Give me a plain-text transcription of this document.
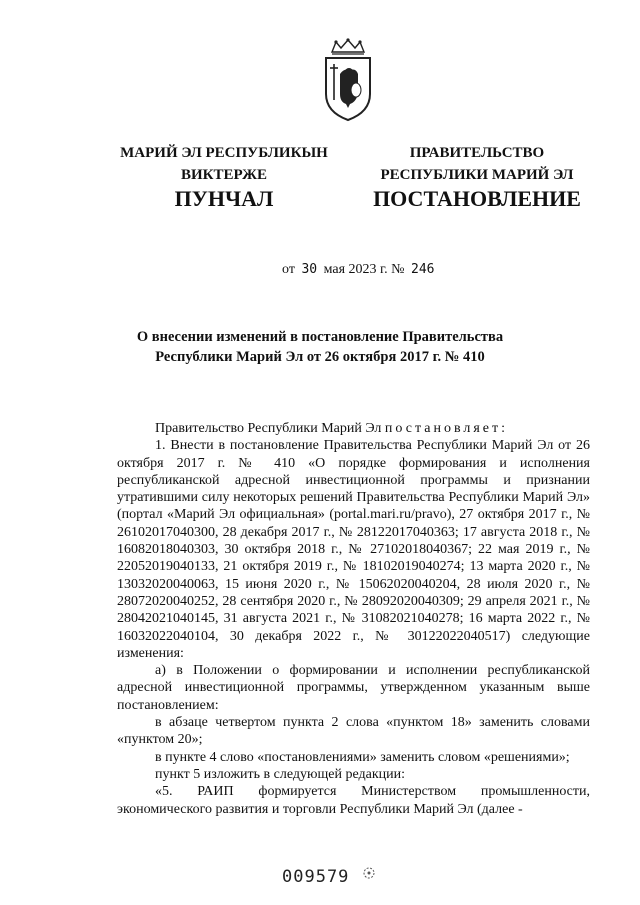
МАРИЙ ЭЛ РЕСПУБЛИКЫН
ВИКТЕРЖЕ
ПУНЧАЛ
ПРАВИТЕЛЬСТВО
РЕСПУБЛИКИ МАРИЙ ЭЛ
ПОСТАНОВЛЕНИЕ
от 30 мая 2023 г. № 246
О внесении изменений в постановление Правительства
Республики Марий Эл от 26 октября 2017 г. № 410

Правительство Республики Марий Эл постановляет:

1. Внести в постановление Правительства Республики Марий Эл от 26 октября 2017 г. № 410 «О порядке формирования и исполнения республиканской адресной инвестиционной программы и признании утратившими силу некоторых решений Правительства Республики Марий Эл» (портал «Марий Эл официальная» (portal.mari.ru/pravo), 27 октября 2017 г., № 26102017040300, 28 декабря 2017 г., № 28122017040363; 17 августа 2018 г., № 16082018040303, 30 октября 2018 г., № 27102018040367; 22 мая 2019 г., № 22052019040133, 21 октября 2019 г., № 18102019040274; 13 марта 2020 г., № 13032020040063, 15 июня 2020 г., № 15062020040204, 28 июля 2020 г., № 28072020040252, 28 сентября 2020 г., № 28092020040309; 29 апреля 2021 г., № 28042021040145, 31 августа 2021 г., № 31082021040278; 16 марта 2022 г., № 16032022040104, 30 декабря 2022 г., № 30122022040517) следующие изменения:

а) в Положении о формировании и исполнении республиканской адресной инвестиционной программы, утвержденном указанным выше постановлением:

в абзаце четвертом пункта 2 слова «пунктом 18» заменить словами «пунктом 20»;

в пункте 4 слово «постановлениями» заменить словом «решениями»;

пункт 5 изложить в следующей редакции:

«5. РАИП формируется Министерством промышленности, экономического развития и торговли Республики Марий Эл (далее -

009579
